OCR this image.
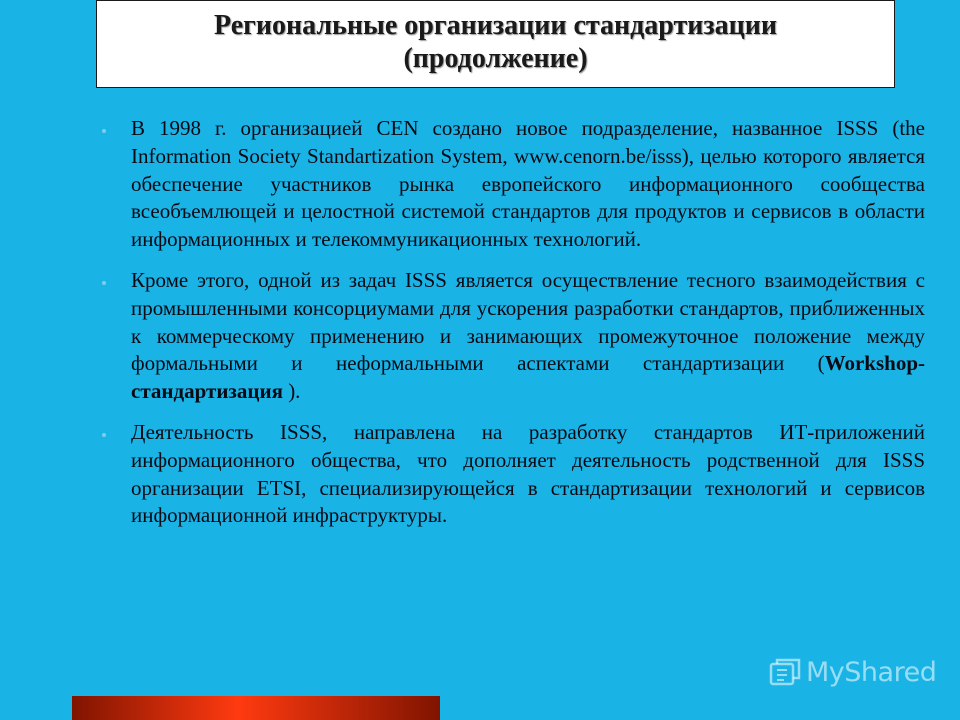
Региональные организации стандартизации
(продолжение)

В 1998 г. организацией CEN создано новое подразделение, названное ISSS (the Information Society Standartization System, www.cenorn.be/isss), целью которого является обеспечение участников рынка европейского информационного сообщества всеобъемлющей и целостной системой стандартов для продуктов и сервисов в области информационных и телекоммуникационных технологий.

Кроме этого, одной из задач ISSS является осуществление тесного взаимодействия с промышленными консорциумами для ускорения разработки стандартов, приближенных к коммерческому применению и занимающих промежуточное положение между формальными и неформальными аспектами стандартизации (Workshop-стандартизация ).

Деятельность ISSS, направлена на разработку стандартов ИТ-приложений информационного общества, что дополняет деятельность родственной для ISSS организации ETSI, специализирующейся в стандартизации технологий и сервисов информационной инфраструктуры.

MyShared
